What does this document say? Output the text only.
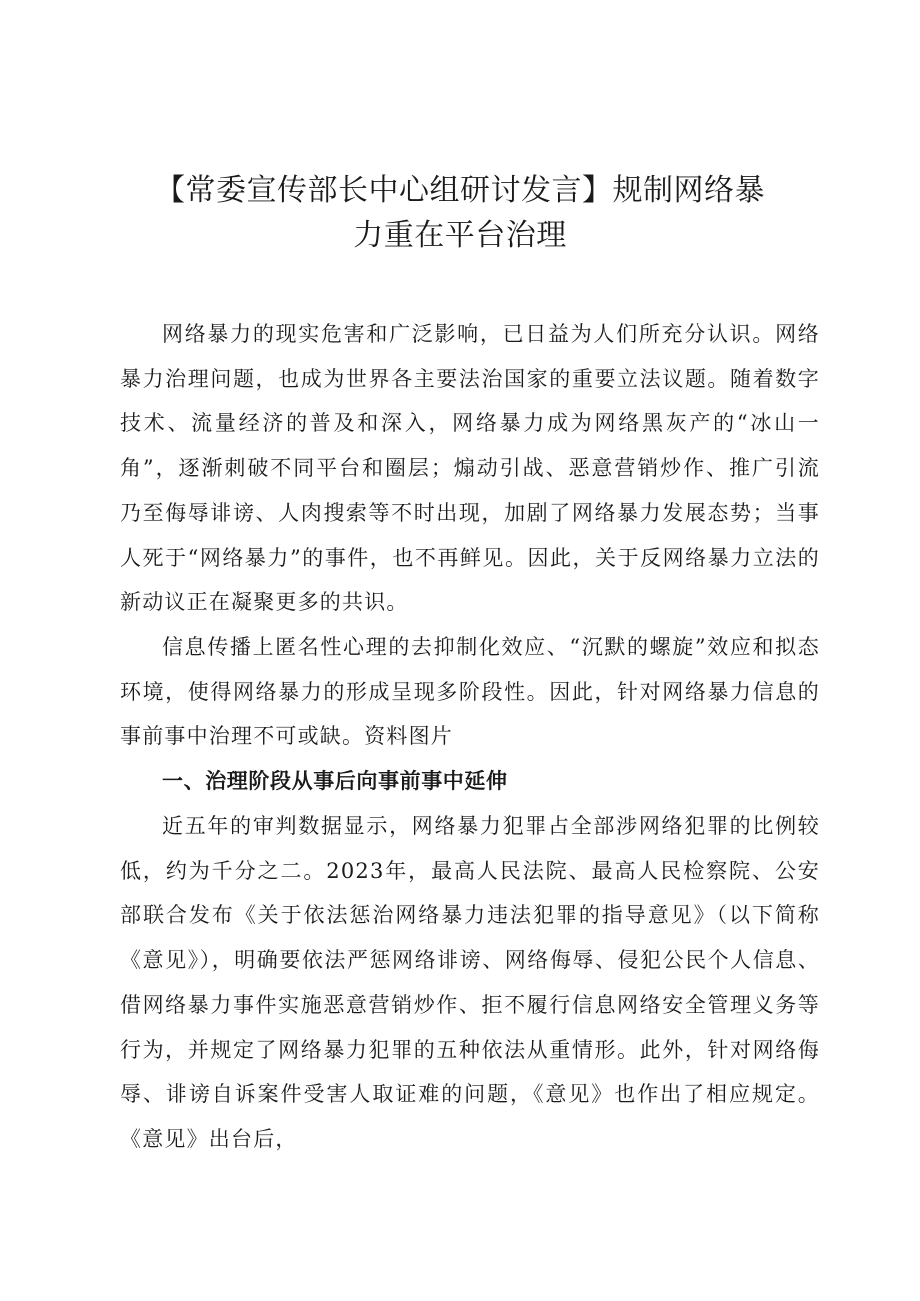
【常委宣传部长中心组研讨发言】规制网络暴
力重在平台治理

网络暴力的现实危害和广泛影响，已日益为人们所充分认识。网络暴力治理问题，也成为世界各主要法治国家的重要立法议题。随着数字技术、流量经济的普及和深入，网络暴力成为网络黑灰产的“冰山一角”，逐渐刺破不同平台和圈层；煽动引战、恶意营销炒作、推广引流乃至侮辱诽谤、人肉搜索等不时出现，加剧了网络暴力发展态势；当事人死于“网络暴力”的事件，也不再鲜见。因此，关于反网络暴力立法的新动议正在凝聚更多的共识。

信息传播上匿名性心理的去抑制化效应、“沉默的螺旋”效应和拟态环境，使得网络暴力的形成呈现多阶段性。因此，针对网络暴力信息的事前事中治理不可或缺。资料图片

一、治理阶段从事后向事前事中延伸

近五年的审判数据显示，网络暴力犯罪占全部涉网络犯罪的比例较低，约为千分之二。2023年，最高人民法院、最高人民检察院、公安部联合发布《关于依法惩治网络暴力违法犯罪的指导意见》（以下简称《意见》），明确要依法严惩网络诽谤、网络侮辱、侵犯公民个人信息、借网络暴力事件实施恶意营销炒作、拒不履行信息网络安全管理义务等行为，并规定了网络暴力犯罪的五种依法从重情形。此外，针对网络侮辱、诽谤自诉案件受害人取证难的问题，《意见》也作出了相应规定。《意见》出台后，
